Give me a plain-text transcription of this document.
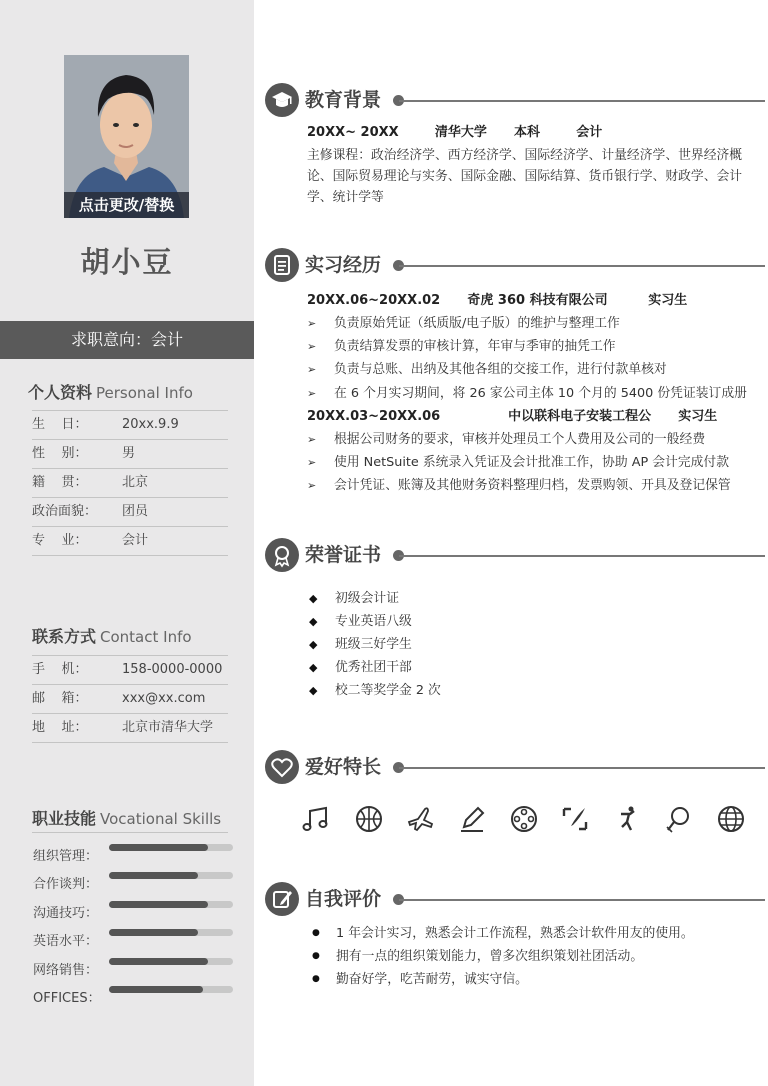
点击更改/替换
胡小豆
求职意向：会计
个人资料 Personal Info
生    日：	20xx.9.9
性    别：	男
籍    贯：	北京
政治面貌：	团员
专    业：	会计
联系方式 Contact Info
手    机：	158-0000-0000
邮    箱：	xxx@xx.com
地    址：	北京市清华大学
职业技能 Vocational Skills
组织管理：
合作谈判：
沟通技巧：
英语水平：
网络销售：
OFFICES：
教育背景
20XX~ 20XX        清华大学      本科        会计
主修课程：政治经济学、西方经济学、国际经济学、计量经济学、世界经济概论、国际贸易理论与实务、国际金融、国际结算、货币银行学、财政学、会计学、统计学等
实习经历
20XX.06~20XX.02      奇虎 360 科技有限公司         实习生
➢ 负责原始凭证（纸质版/电子版）的维护与整理工作
➢ 负责结算发票的审核计算，年审与季审的抽凭工作
➢ 负责与总账、出纳及其他各组的交接工作，进行付款单核对
➢ 在 6 个月实习期间，将 26 家公司主体 10 个月的 5400 份凭证装订成册
20XX.03~20XX.06               中以联科电子安装工程公      实习生
➢ 根据公司财务的要求，审核并处理员工个人费用及公司的一般经费
➢ 使用 NetSuite 系统录入凭证及会计批准工作，协助 AP 会计完成付款
➢ 会计凭证、账簿及其他财务资料整理归档，发票购领、开具及登记保管
荣誉证书
◆ 初级会计证
◆ 专业英语八级
◆ 班级三好学生
◆ 优秀社团干部
◆ 校二等奖学金 2 次
爱好特长
自我评价
● 1 年会计实习，熟悉会计工作流程，熟悉会计软件用友的使用。
● 拥有一点的组织策划能力，曾多次组织策划社团活动。
● 勤奋好学，吃苦耐劳，诚实守信。
